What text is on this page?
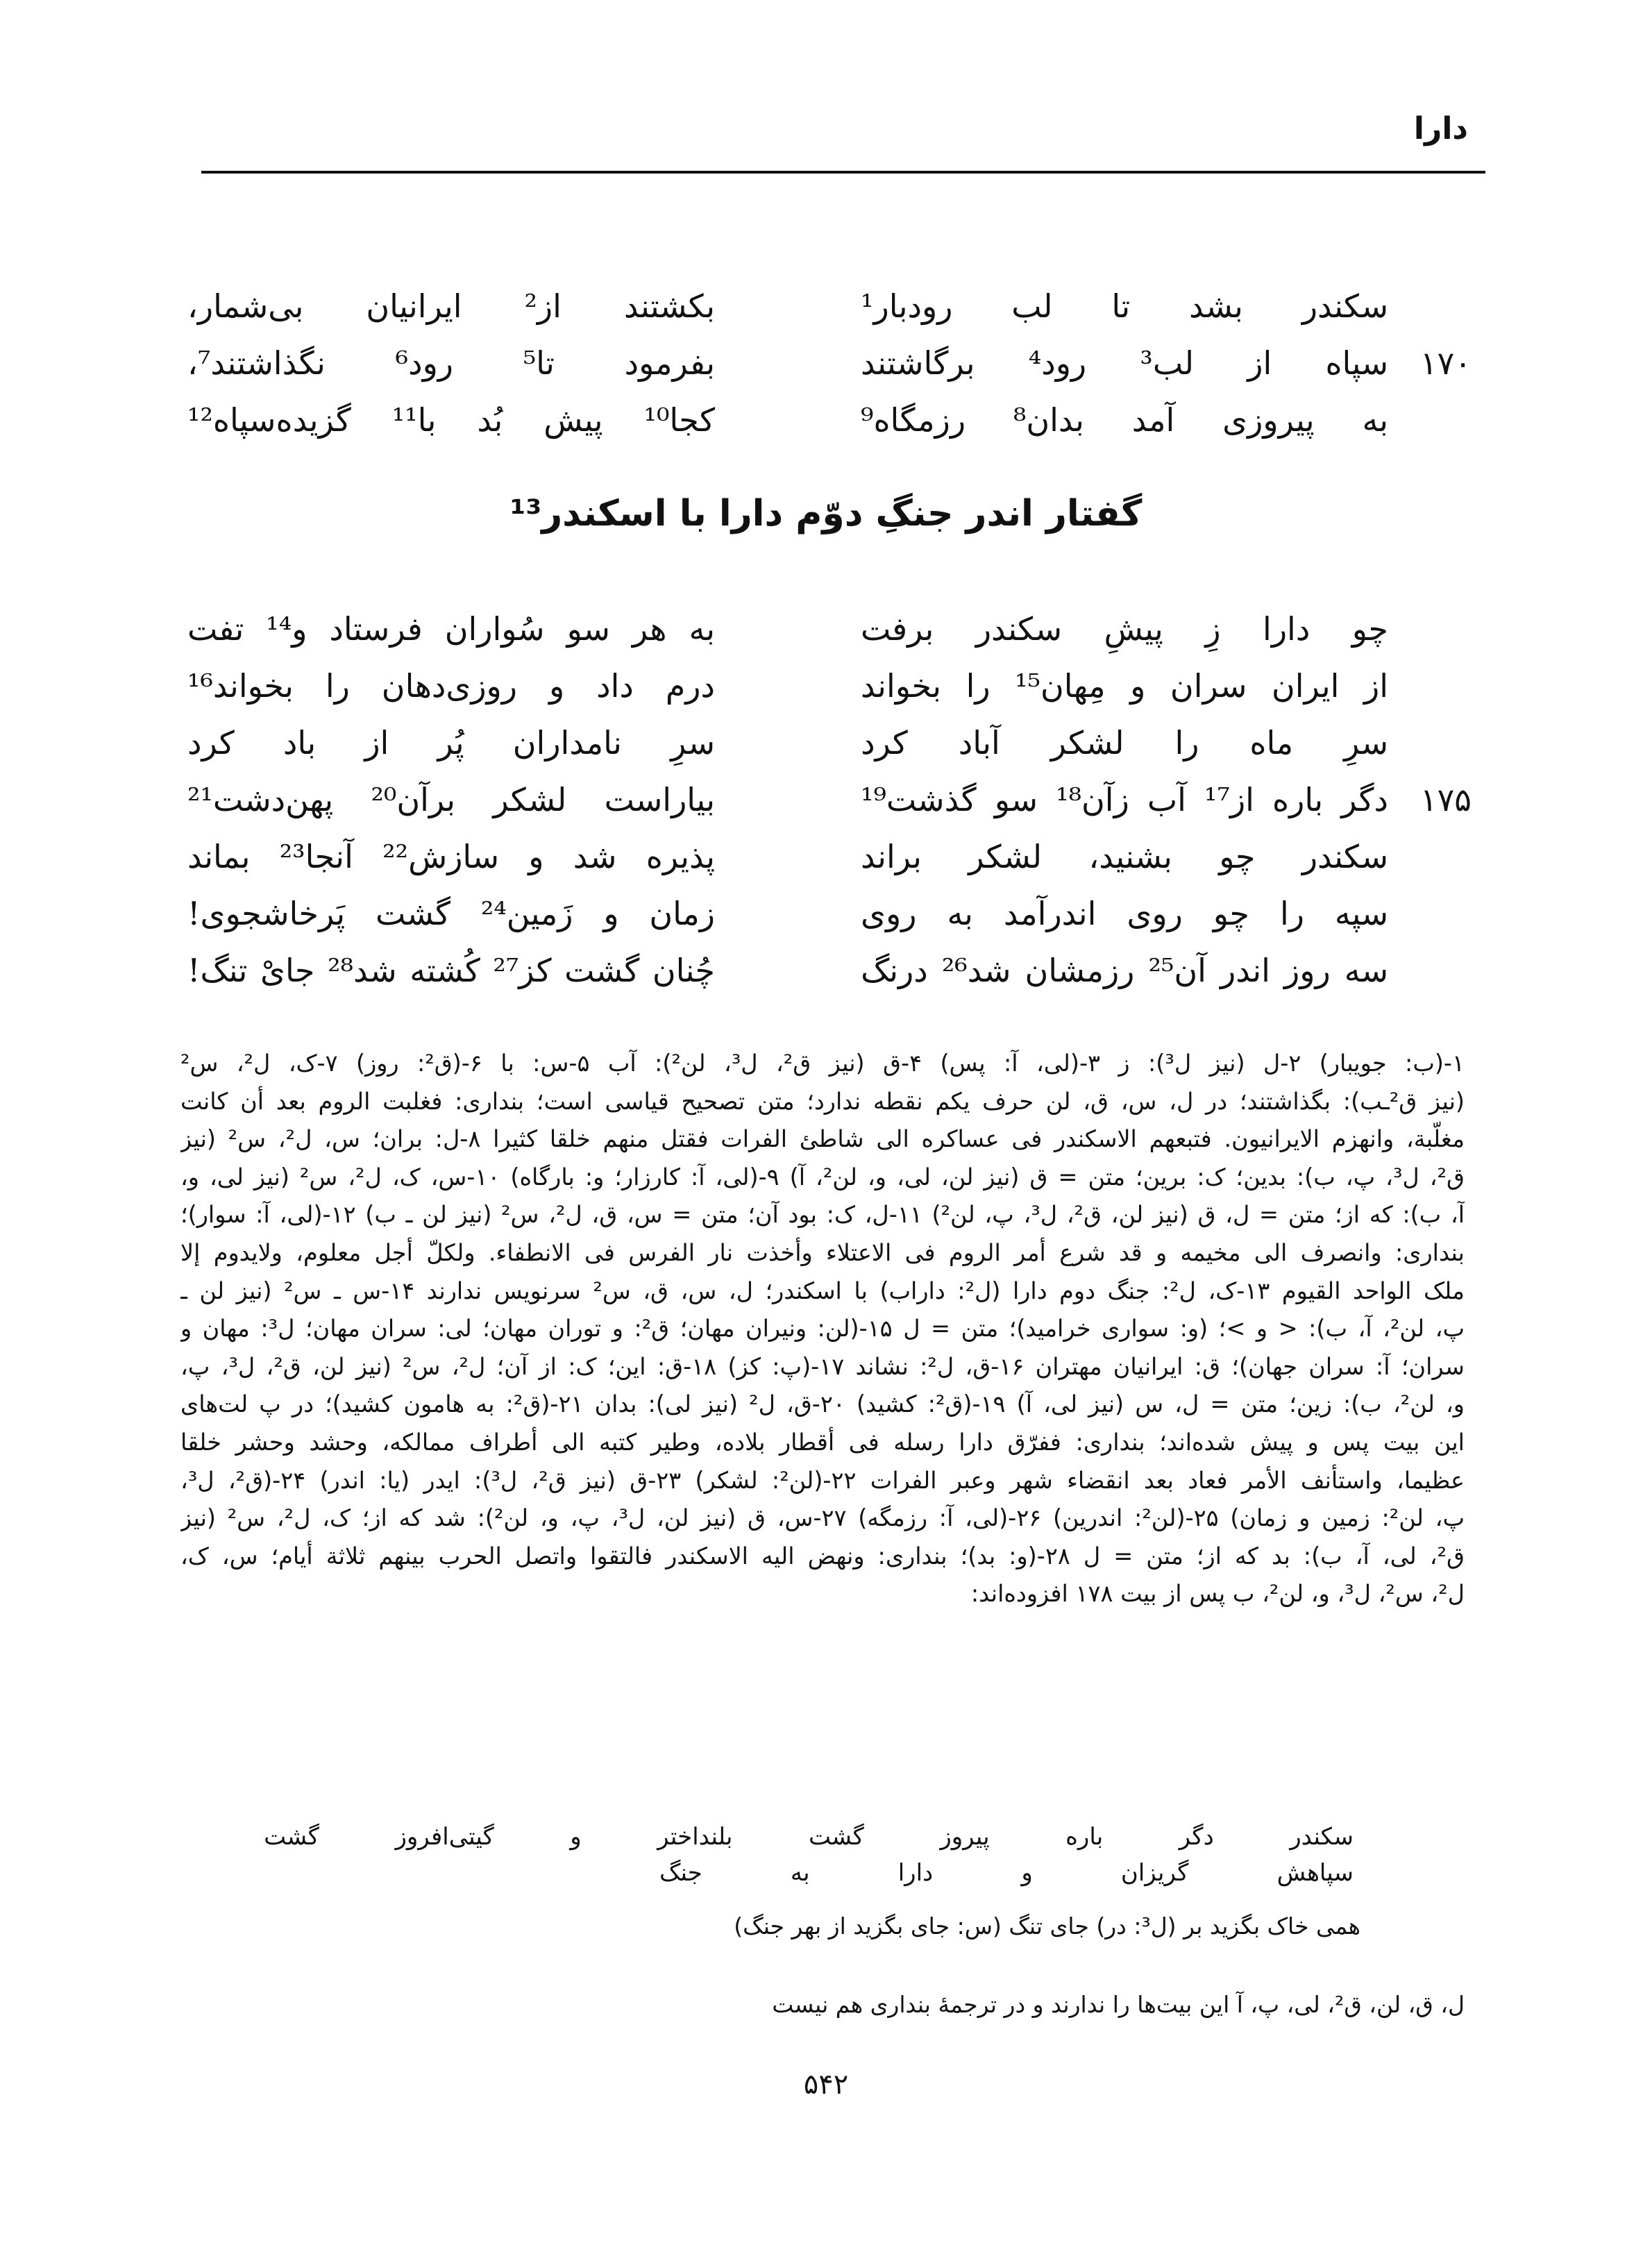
دارا
سکندر
بشد
تا
لب
رودبار¹
بکشتند
از²
ایرانیان
بی‌شمار،
۱۷۰
سپاه
از
لب³
رود⁴
برگاشتند
بفرمود
تا⁵
رود⁶
نگذاشتند⁷،
به
پیروزی
آمد
بدان⁸
رزمگاه⁹
کجا¹⁰
پیش
بُد
با¹¹
گزیده‌سپاه¹²
گفتار اندر جنگِ دوّم دارا با اسکندر¹³
چو
دارا
زِ
پیشِ
سکندر
برفت
به
هر
سو
سُواران
فرستاد
و¹⁴
تفت
از
ایران
سران
و
مِهان¹⁵
را
بخواند
درم
داد
و
روزی‌دهان
را
بخواند¹⁶
سرِ
ماه
را
لشکر
آباد
کرد
سرِ
نامداران
پُر
از
باد
کرد
۱۷۵
دگر
باره
از¹⁷
آب
زآن¹⁸
سو
گذشت¹⁹
بیاراست
لشکر
برآن²⁰
پهن‌دشت²¹
سکندر
چو
بشنید،
لشکر
براند
پذیره
شد
و
سازش²²
آنجا²³
بماند
سپه
را
چو
روی
اندرآمد
به
روی
زمان
و
زَمین²⁴
گشت
پَرخاشجوی!
سه
روز
اندر
آن²⁵
رزمشان
شد²⁶
درنگ
چُنان
گشت
کز²⁷
کُشته
شد²⁸
جایْ
تنگ!
۱-(ب: جویبار) ۲-ل (نیز ل³): ز ۳-(لی، آ: پس) ۴-ق (نیز ق²، ل³، لن²): آب ۵-س: با ۶-(ق²: روز) ۷-ک، ل²، س²
(نیز ق²ـب): بگذاشتند؛ در ل، س، ق، لن حرف یکم نقطه ندارد؛ متن تصحیح قیاسی است؛ بنداری: فغلبت الروم بعد أن کانت
مغلّبة، وانهزم الایرانیون. فتبعهم الاسکندر فی عساکره الی شاطئ الفرات فقتل منهم خلقا کثیرا ۸-ل: بران؛ س، ل²، س² (نیز
ق²، ل³، پ، ب): بدین؛ ک: برین؛ متن = ق (نیز لن، لی، و، لن²، آ) ۹-(لی، آ: کارزار؛ و: بارگاه) ۱۰-س، ک، ل²، س² (نیز لی، و،
آ، ب): که از؛ متن = ل، ق (نیز لن، ق²، ل³، پ، لن²) ۱۱-ل، ک: بود آن؛ متن = س، ق، ل²، س² (نیز لن ـ ب) ۱۲-(لی، آ: سوار)؛
بنداری: وانصرف الی مخیمه و قد شرع أمر الروم فی الاعتلاء وأخذت نار الفرس فی الانطفاء. ولکلّ أجل معلوم، ولایدوم إلا
ملک الواحد القیوم ۱۳-ک، ل²: جنگ دوم دارا (ل²: داراب) با اسکندر؛ ل، س، ق، س² سرنویس ندارند ۱۴-س ـ س² (نیز لن ـ
پ، لن²، آ، ب): < و >؛ (و: سواری خرامید)؛ متن = ل ۱۵-(لن: ونیران مهان؛ ق²: و توران مهان؛ لی: سران مهان؛ ل³: مهان و
سران؛ آ: سران جهان)؛ ق: ایرانیان مهتران ۱۶-ق، ل²: نشاند ۱۷-(پ: کز) ۱۸-ق: این؛ ک: از آن؛ ل²، س² (نیز لن، ق²، ل³، پ،
و، لن²، ب): زین؛ متن = ل، س (نیز لی، آ) ۱۹-(ق²: کشید) ۲۰-ق، ل² (نیز لی): بدان ۲۱-(ق²: به هامون کشید)؛ در پ لت‌های
این بیت پس و پیش شده‌اند؛ بنداری: ففرّق دارا رسله فی أقطار بلاده، وطیر کتبه الی أطراف ممالکه، وحشد وحشر خلقا
عظیما، واستأنف الأمر فعاد بعد انقضاء شهر وعبر الفرات ۲۲-(لن²: لشکر) ۲۳-ق (نیز ق²، ل³): ایدر (یا: اندر) ۲۴-(ق²، ل³،
پ، لن²: زمین و زمان) ۲۵-(لن²: اندرین) ۲۶-(لی، آ: رزمگه) ۲۷-س، ق (نیز لن، ل³، پ، و، لن²): شد که از؛ ک، ل²، س² (نیز
ق²، لی، آ، ب): بد که از؛ متن = ل ۲۸-(و: بد)؛ بنداری: ونهض الیه الاسکندر فالتقوا واتصل الحرب بینهم ثلاثة أیام؛ س، ک،
ل²، س²، ل³، و، لن²، ب پس از بیت ۱۷۸ افزوده‌اند:
سکندر
دگر
باره
پیروز
گشت
بلنداختر
و
گیتی‌افروز
گشت
سپاهش
گریزان
و
دارا
به
جنگ
همی خاک بگزید بر (ل³: در) جای تنگ (س: جای بگزید از بهر جنگ)
ل، ق، لن، ق²، لی، پ، آ این بیت‌ها را ندارند و در ترجمهٔ بنداری هم نیست
۵۴۲
